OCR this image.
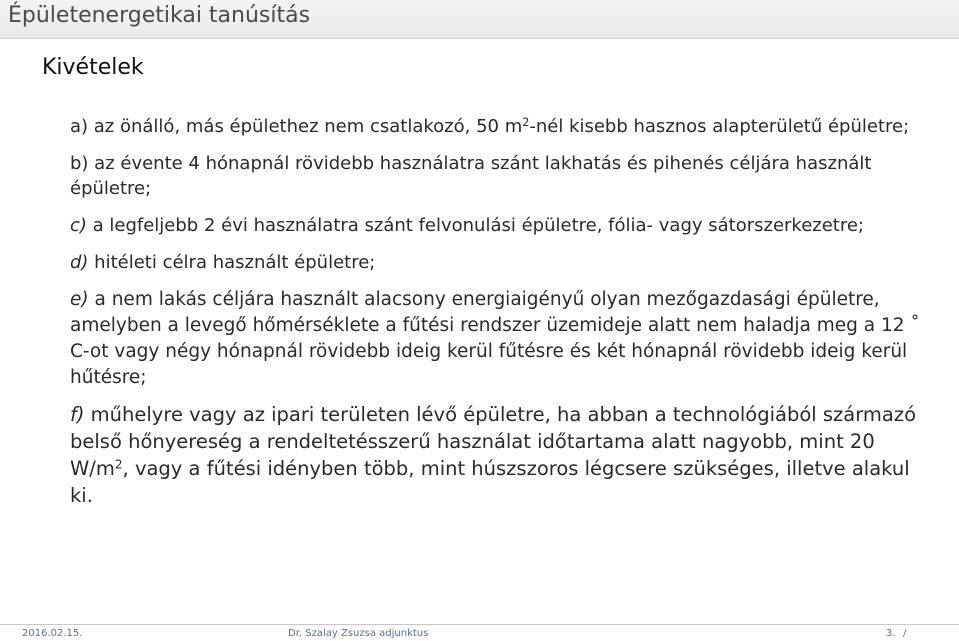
Épületenergetikai tanúsítás
Kivételek

a) az önálló, más épülethez nem csatlakozó, 50 $m^2$-nél kisebb hasznos alapterületű épületre;

b) az évente 4 hónapnál rövidebb használatra szánt lakhatás és pihenés céljára használt épületre;

c) a legfeljebb 2 évi használatra szánt felvonulási épületre, fólia- vagy sátorszerkezetre;

d) hitéleti célra használt épületre;

e) a nem lakás céljára használt alacsony energiaigényű olyan mezőgazdasági épületre, amelyben a levegő hőmérséklete a fűtési rendszer üzemideje alatt nem haladja meg a 12 ˚ C-ot vagy négy hónapnál rövidebb ideig kerül fűtésre és két hónapnál rövidebb ideig kerül hűtésre;

f) műhelyre vagy az ipari területen lévő épületre, ha abban a technológiából származó belső hőnyereség a rendeltetésszerű használat időtartama alatt nagyobb, mint 20 $W/m^2$, vagy a fűtési idényben több, mint húszszoros légcsere szükséges, illetve alakul ki.

2016.02.15.	Dr. Szalay Zsuzsa adjunktus	3. /
